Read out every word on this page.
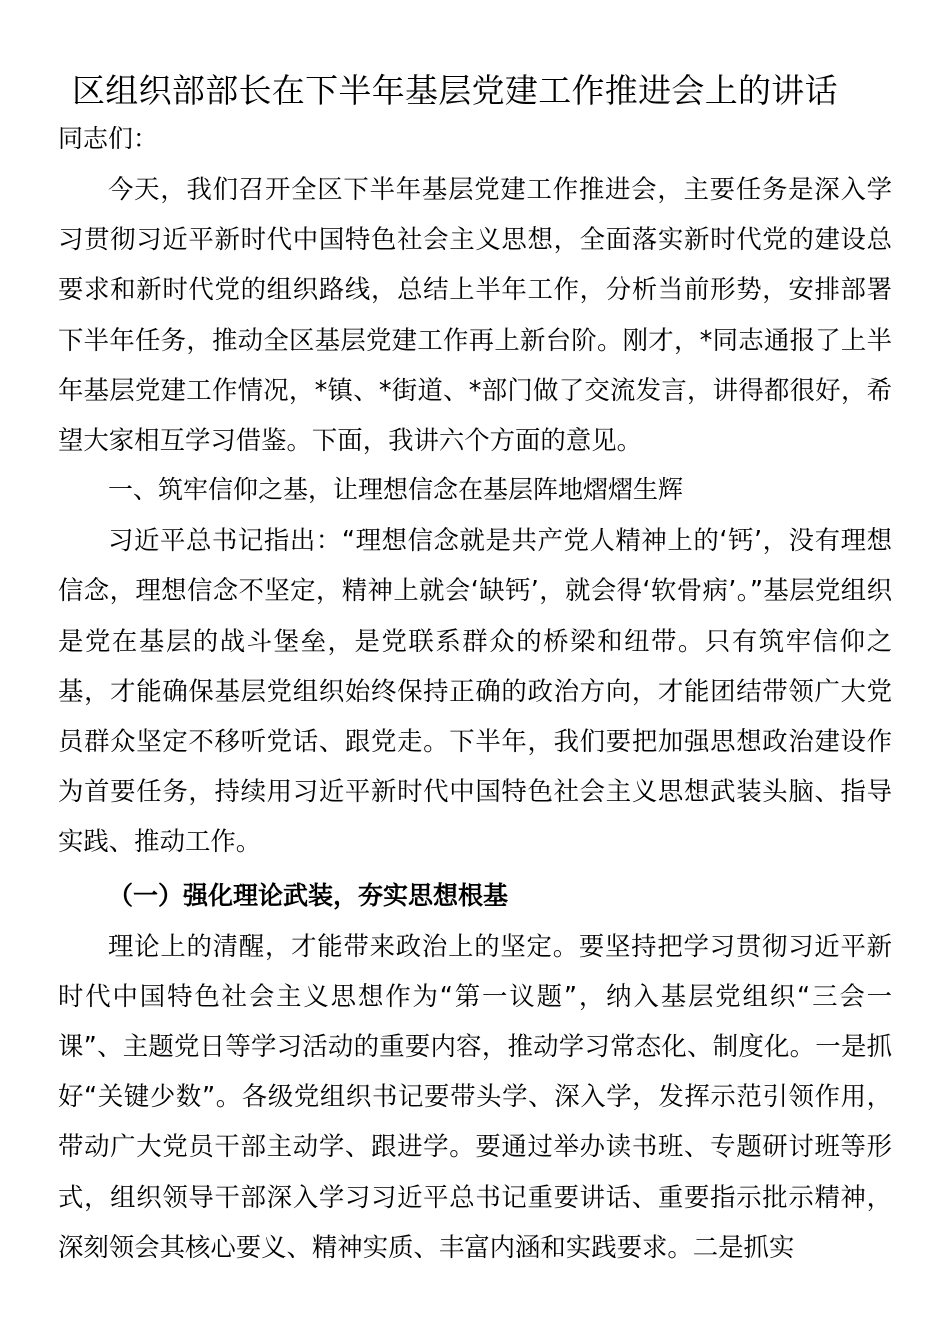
区组织部部长在下半年基层党建工作推进会上的讲话

同志们：

今天，我们召开全区下半年基层党建工作推进会，主要任务是深入学习贯彻习近平新时代中国特色社会主义思想，全面落实新时代党的建设总要求和新时代党的组织路线，总结上半年工作，分析当前形势，安排部署下半年任务，推动全区基层党建工作再上新台阶。刚才，*同志通报了上半年基层党建工作情况，*镇、*街道、*部门做了交流发言，讲得都很好，希望大家相互学习借鉴。下面，我讲六个方面的意见。

一、筑牢信仰之基，让理想信念在基层阵地熠熠生辉

习近平总书记指出：“理想信念就是共产党人精神上的‘钙’，没有理想信念，理想信念不坚定，精神上就会‘缺钙’，就会得‘软骨病’。”基层党组织是党在基层的战斗堡垒，是党联系群众的桥梁和纽带。只有筑牢信仰之基，才能确保基层党组织始终保持正确的政治方向，才能团结带领广大党员群众坚定不移听党话、跟党走。下半年，我们要把加强思想政治建设作为首要任务，持续用习近平新时代中国特色社会主义思想武装头脑、指导实践、推动工作。

（一）强化理论武装，夯实思想根基

理论上的清醒，才能带来政治上的坚定。要坚持把学习贯彻习近平新时代中国特色社会主义思想作为“第一议题”，纳入基层党组织“三会一课”、主题党日等学习活动的重要内容，推动学习常态化、制度化。一是抓好“关键少数”。各级党组织书记要带头学、深入学，发挥示范引领作用，带动广大党员干部主动学、跟进学。要通过举办读书班、专题研讨班等形式，组织领导干部深入学习习近平总书记重要讲话、重要指示批示精神，深刻领会其核心要义、精神实质、丰富内涵和实践要求。二是抓实
